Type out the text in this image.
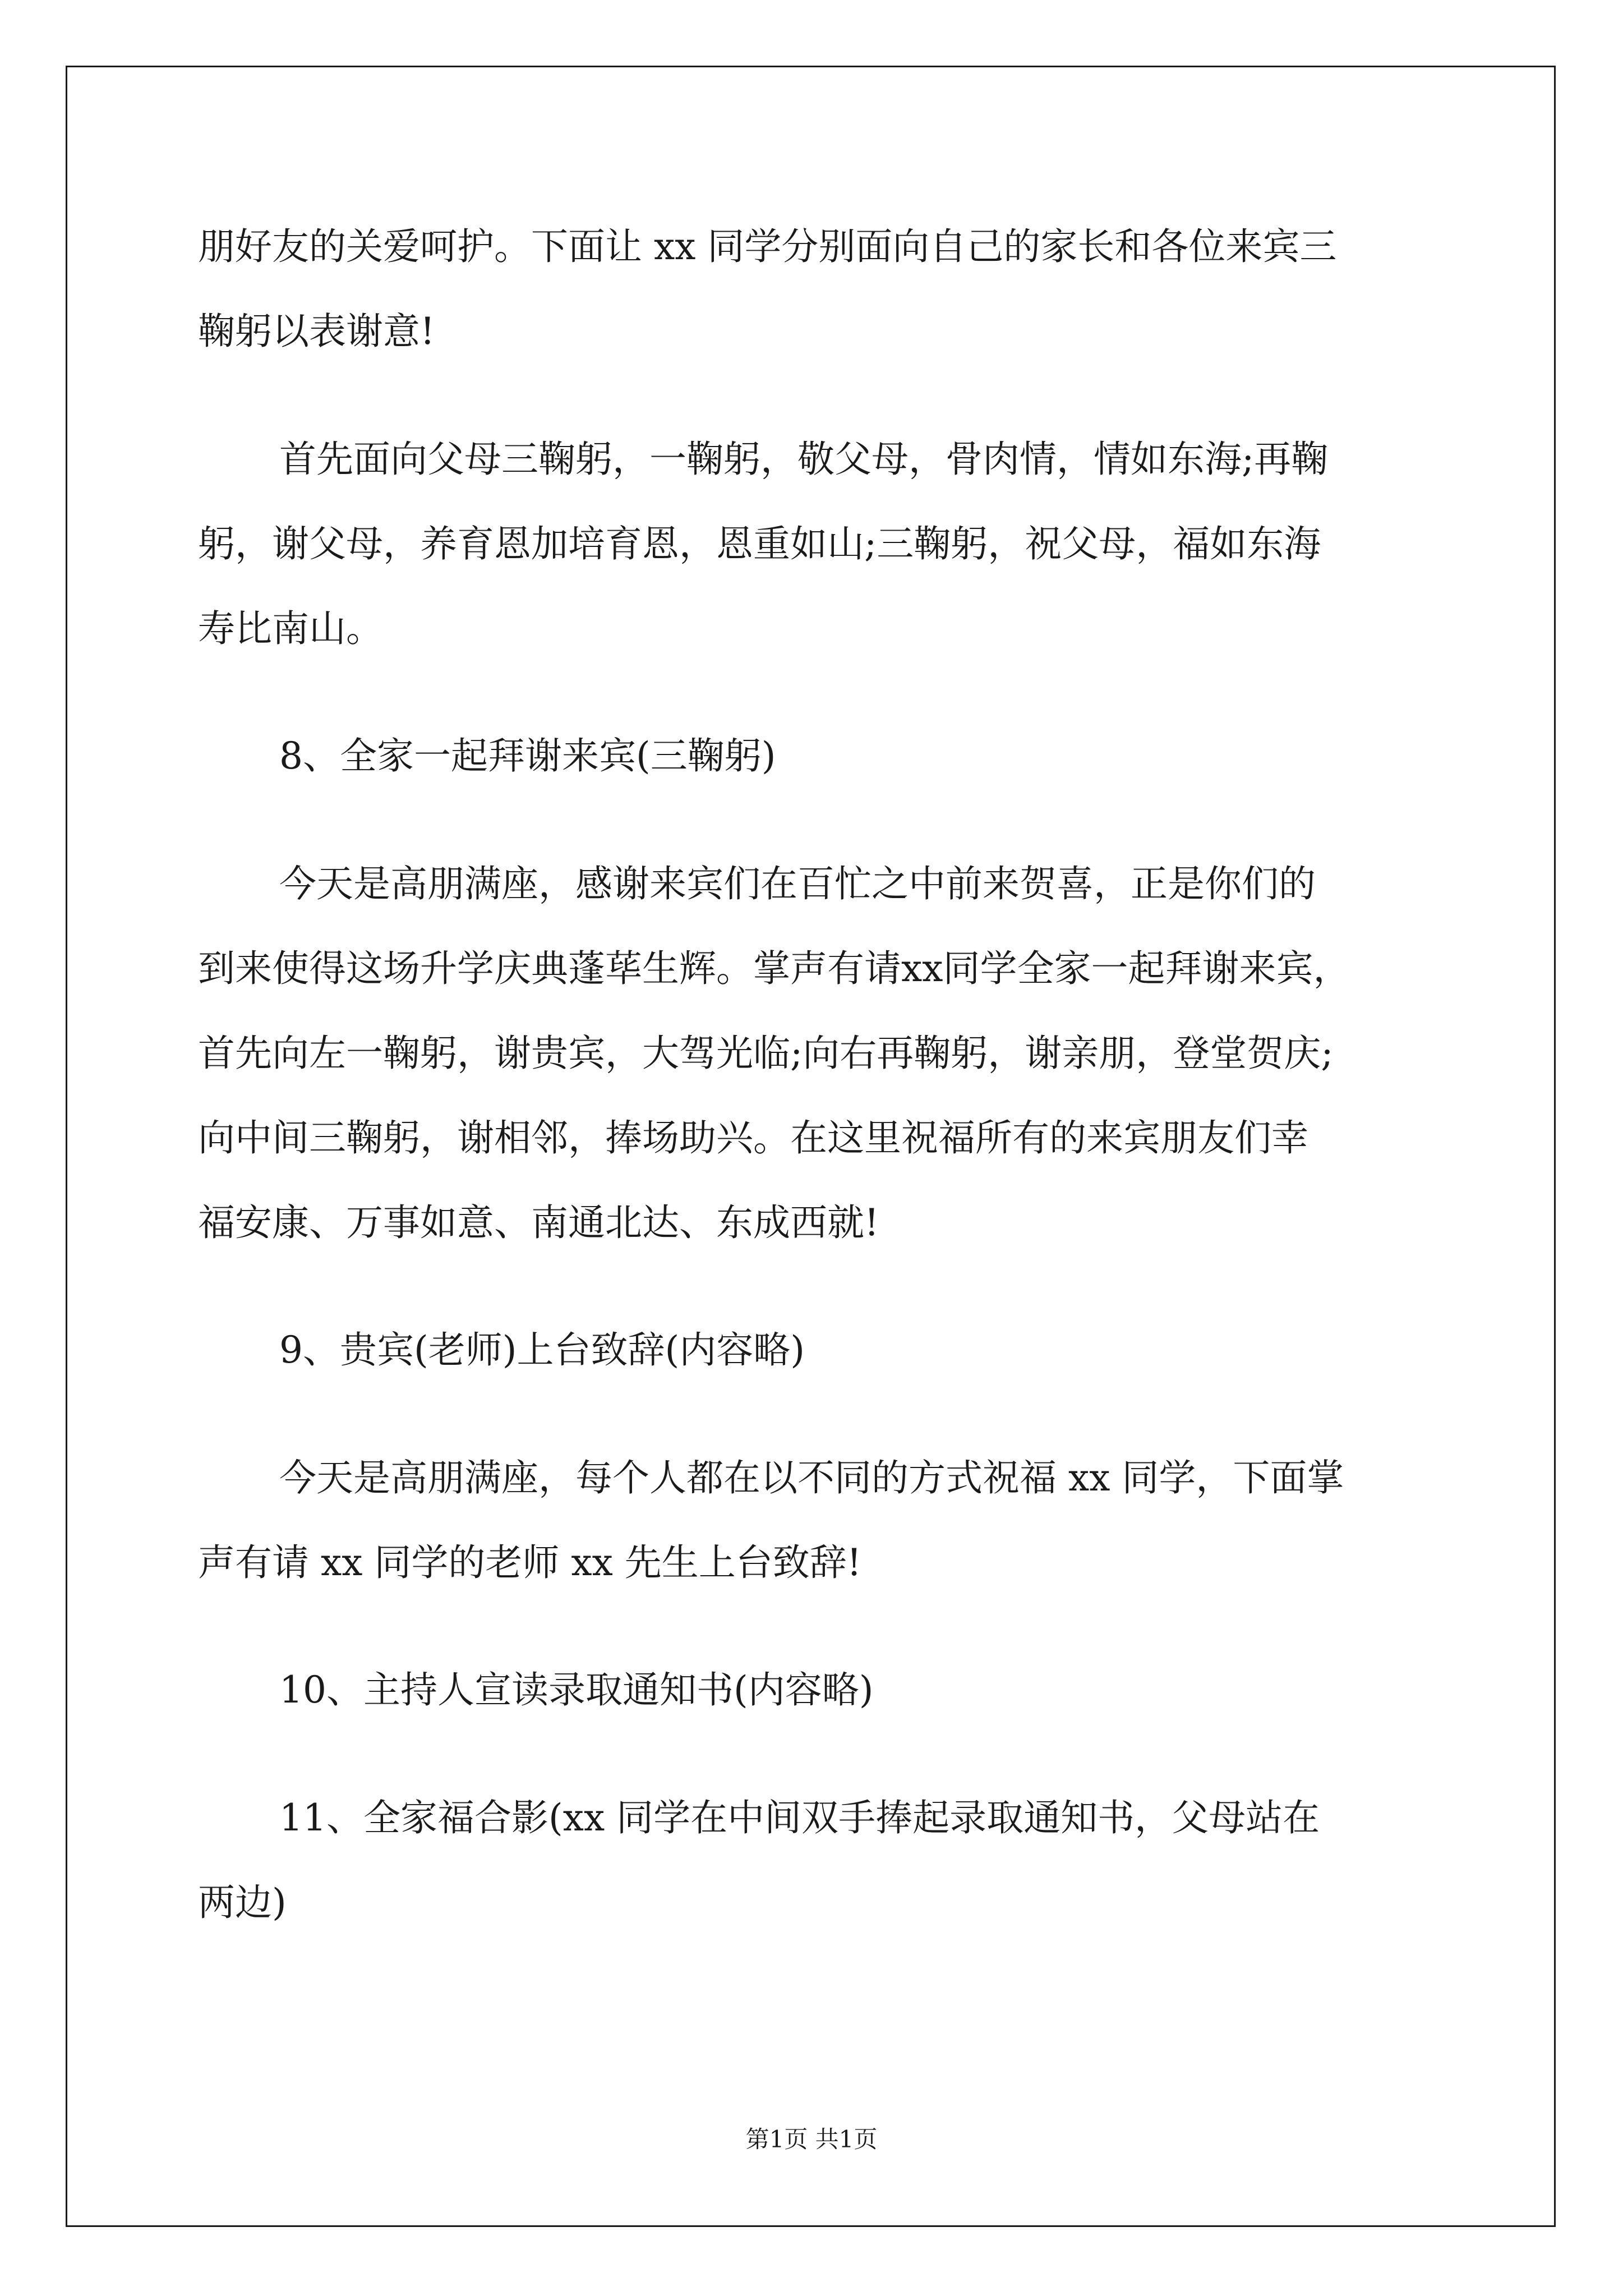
朋好友的关爱呵护。下面让 xx 同学分别面向自己的家长和各位来宾三
鞠躬以表谢意!
首先面向父母三鞠躬，一鞠躬，敬父母，骨肉情，情如东海;再鞠
躬，谢父母，养育恩加培育恩，恩重如山;三鞠躬，祝父母，福如东海
寿比南山。
8、全家一起拜谢来宾(三鞠躬)
今天是高朋满座，感谢来宾们在百忙之中前来贺喜，正是你们的
到来使得这场升学庆典蓬荜生辉。掌声有请xx同学全家一起拜谢来宾，
首先向左一鞠躬，谢贵宾，大驾光临;向右再鞠躬，谢亲朋，登堂贺庆;
向中间三鞠躬，谢相邻，捧场助兴。在这里祝福所有的来宾朋友们幸
福安康、万事如意、南通北达、东成西就!
9、贵宾(老师)上台致辞(内容略)
今天是高朋满座，每个人都在以不同的方式祝福 xx 同学，下面掌
声有请 xx 同学的老师 xx 先生上台致辞!
10、主持人宣读录取通知书(内容略)
11、全家福合影(xx 同学在中间双手捧起录取通知书，父母站在
两边)
第1页 共1页
